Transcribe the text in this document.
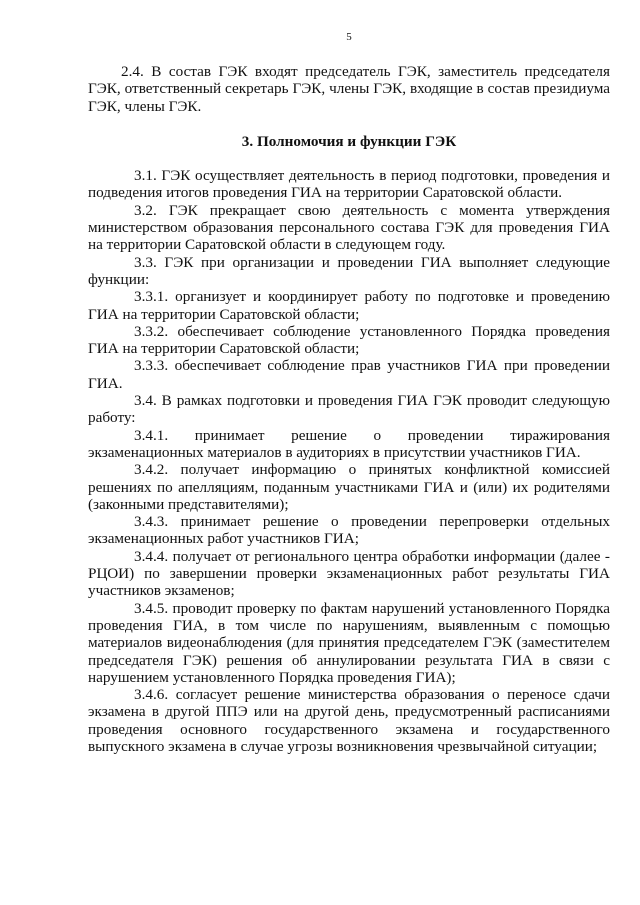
5

2.4. В состав ГЭК входят председатель ГЭК, заместитель председателя ГЭК, ответственный секретарь ГЭК, члены ГЭК, входящие в состав президиума ГЭК, члены ГЭК.

3. Полномочия и функции ГЭК

3.1. ГЭК осуществляет деятельность в период подготовки, проведения и подведения итогов проведения ГИА на территории Саратовской области.

3.2. ГЭК прекращает свою деятельность с момента утверждения министерством образования персонального состава ГЭК для проведения ГИА на территории Саратовской области в следующем году.

3.3. ГЭК при организации и проведении ГИА выполняет следующие функции:

3.3.1. организует и координирует работу по подготовке и проведению ГИА на территории Саратовской области;

3.3.2. обеспечивает соблюдение установленного Порядка проведения ГИА на территории Саратовской области;

3.3.3. обеспечивает соблюдение прав участников ГИА при проведении ГИА.

3.4. В рамках подготовки и проведения ГИА ГЭК проводит следующую работу:

3.4.1. принимает решение о проведении тиражирования экзаменационных материалов в аудиториях в присутствии участников ГИА.

3.4.2. получает информацию о принятых конфликтной комиссией решениях по апелляциям, поданным участниками ГИА и (или) их родителями (законными представителями);

3.4.3. принимает решение о проведении перепроверки отдельных экзаменационных работ участников ГИА;

3.4.4. получает от регионального центра обработки информации (далее - РЦОИ) по завершении проверки экзаменационных работ результаты ГИА участников экзаменов;

3.4.5. проводит проверку по фактам нарушений установленного Порядка проведения ГИА, в том числе по нарушениям, выявленным с помощью материалов видеонаблюдения (для принятия председателем ГЭК (заместителем председателя ГЭК) решения об аннулировании результата ГИА в связи с нарушением установленного Порядка проведения ГИА);

3.4.6. согласует решение министерства образования о переносе сдачи экзамена в другой ППЭ или на другой день, предусмотренный расписаниями проведения основного государственного экзамена и государственного выпускного экзамена в случае угрозы возникновения чрезвычайной ситуации;
